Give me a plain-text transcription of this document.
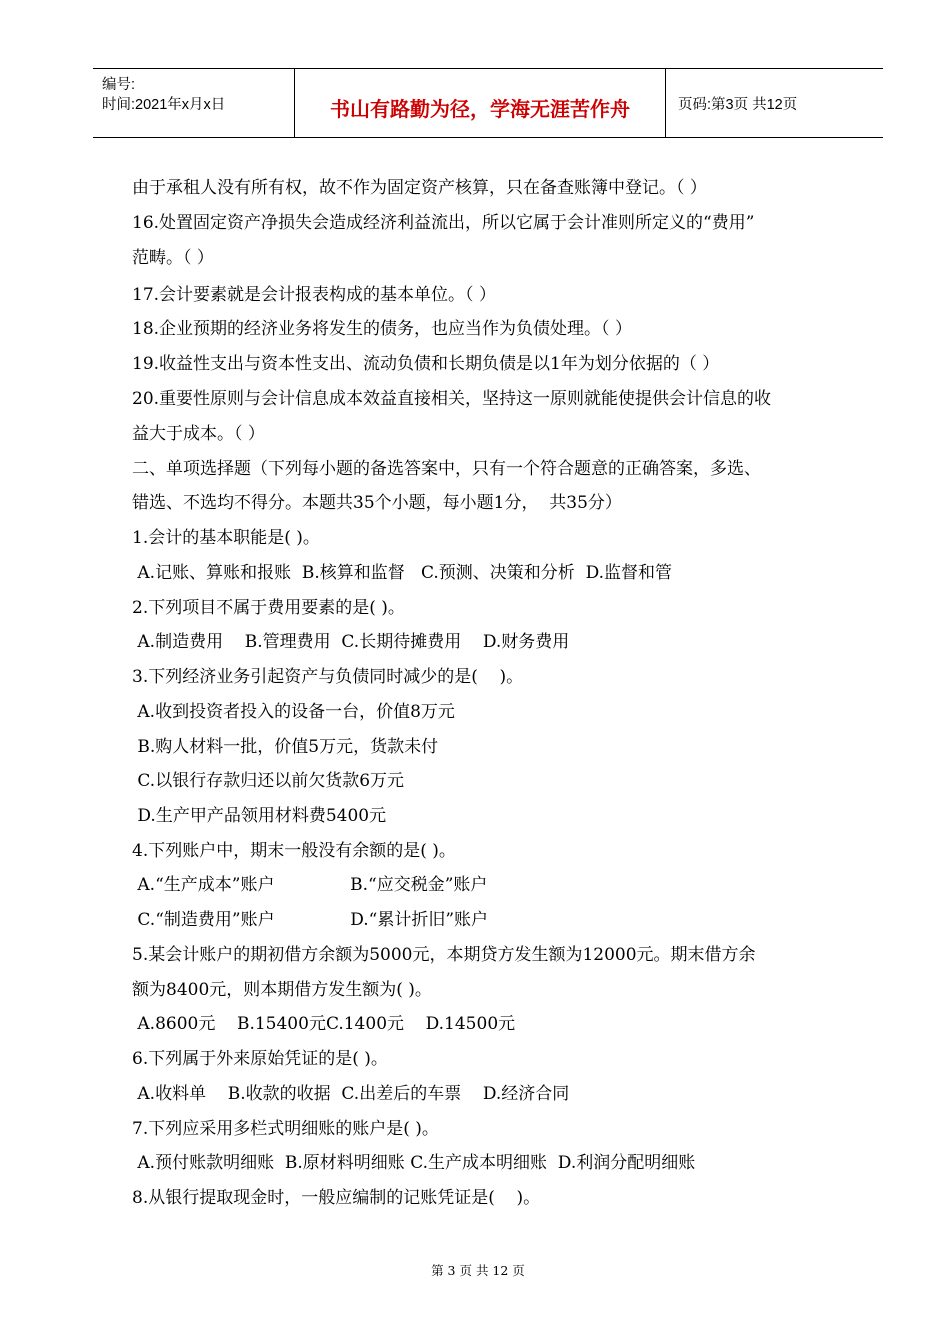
编号:
时间:2021年x月x日	书山有路勤为径，学海无涯苦作舟	页码:第3页 共12页
由于承租人没有所有权，故不作为固定资产核算，只在备查账簿中登记。（ ）
16.处置固定资产净损失会造成经济利益流出，所以它属于会计准则所定义的“费用”
范畴。（ ）
17.会计要素就是会计报表构成的基本单位。（ ）
18.企业预期的经济业务将发生的债务，也应当作为负债处理。（ ）
19.收益性支出与资本性支出、流动负债和长期负债是以1年为划分依据的（ ）
20.重要性原则与会计信息成本效益直接相关，坚持这一原则就能使提供会计信息的收
益大于成本。（ ）
二、单项选择题（下列每小题的备选答案中，只有一个符合题意的正确答案，多选、
错选、不选均不得分。本题共35个小题，每小题1分，  共35分）
1.会计的基本职能是( )。
A.记账、算账和报账  B.核算和监督   C.预测、决策和分析  D.监督和管
2.下列项目不属于费用要素的是( )。
A.制造费用    B.管理费用  C.长期待摊费用    D.财务费用
3.下列经济业务引起资产与负债同时减少的是(    )。
A.收到投资者投入的设备一台，价值8万元
B.购人材料一批，价值5万元，货款未付
C.以银行存款归还以前欠货款6万元
D.生产甲产品领用材料费5400元
4.下列账户中，期末一般没有余额的是( )。
A.“生产成本”账户              B.“应交税金”账户
C.“制造费用”账户              D.“累计折旧”账户
5.某会计账户的期初借方余额为5000元，本期贷方发生额为12000元。期末借方余
额为8400元，则本期借方发生额为( )。
A.8600元    B.15400元C.1400元    D.14500元
6.下列属于外来原始凭证的是( )。
A.收料单    B.收款的收据  C.出差后的车票    D.经济合同
7.下列应采用多栏式明细账的账户是( )。
A.预付账款明细账  B.原材料明细账 C.生产成本明细账  D.利润分配明细账
8.从银行提取现金时，一般应编制的记账凭证是(    )。

第 3 页 共 12 页
